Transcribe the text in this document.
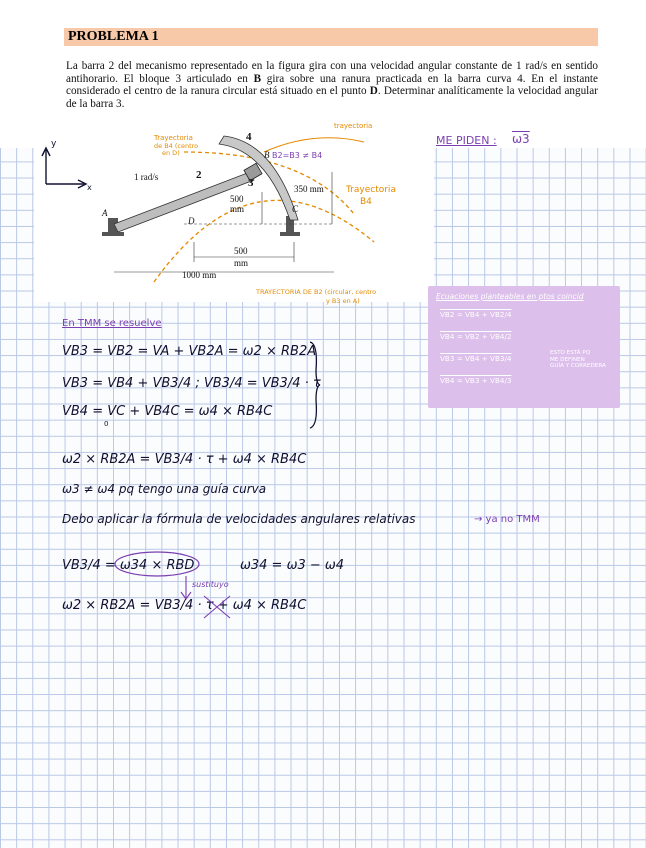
PROBLEMA 1
La barra 2 del mecanismo representado en la figura gira con una velocidad angular constante de 1 rad/s en sentido antihorario. El bloque 3 articulado en B gira sobre una ranura practicada en la barra curva 4. En el instante considerado el centro de la ranura circular está situado en el punto D. Determinar analíticamente la velocidad angular de la barra 3.
y
x
1 rad/s	2
3
4
A
B
C
D
500
mm
350 mm
500
mm
1000 mm
trayectoria
Trayectoria
de B4 (centro
en D)
Trayectoria
B4
TRAYECTORIA DE B2 (circular, centro
B2=B3 ≠ B4
y B3 en A)
ME PIDEN : ω3
Ecuaciones planteables en ptos coincid
VB2 = VB4 + VB2/4
VB4 = VB2 + VB4/2
VB3 = VB4 + VB3/4
VB4 = VB3 + VB4/3
ESTO ESTÁ PQ
ME DEFINEN
GUÍA Y CORREDERA
En TMM se resuelve
VB3 = VB2 = VA + VB2A = ω2 × RB2A
VB3 = VB4 + VB3/4 ; VB3/4 = VB3/4 · τ
VB4 = VC + VB4C = ω4 × RB4C
0
ω2 × RB2A = VB3/4 · τ + ω4 × RB4C
ω3 ≠ ω4 pq tengo una guía curva
Debo aplicar la fórmula de velocidades angulares relativas	→ ya no TMM
VB3/4 = ω34 × RBD	ω34 = ω3 − ω4
sustituyo
ω2 × RB2A = VB3/4 · τ + ω4 × RB4C
